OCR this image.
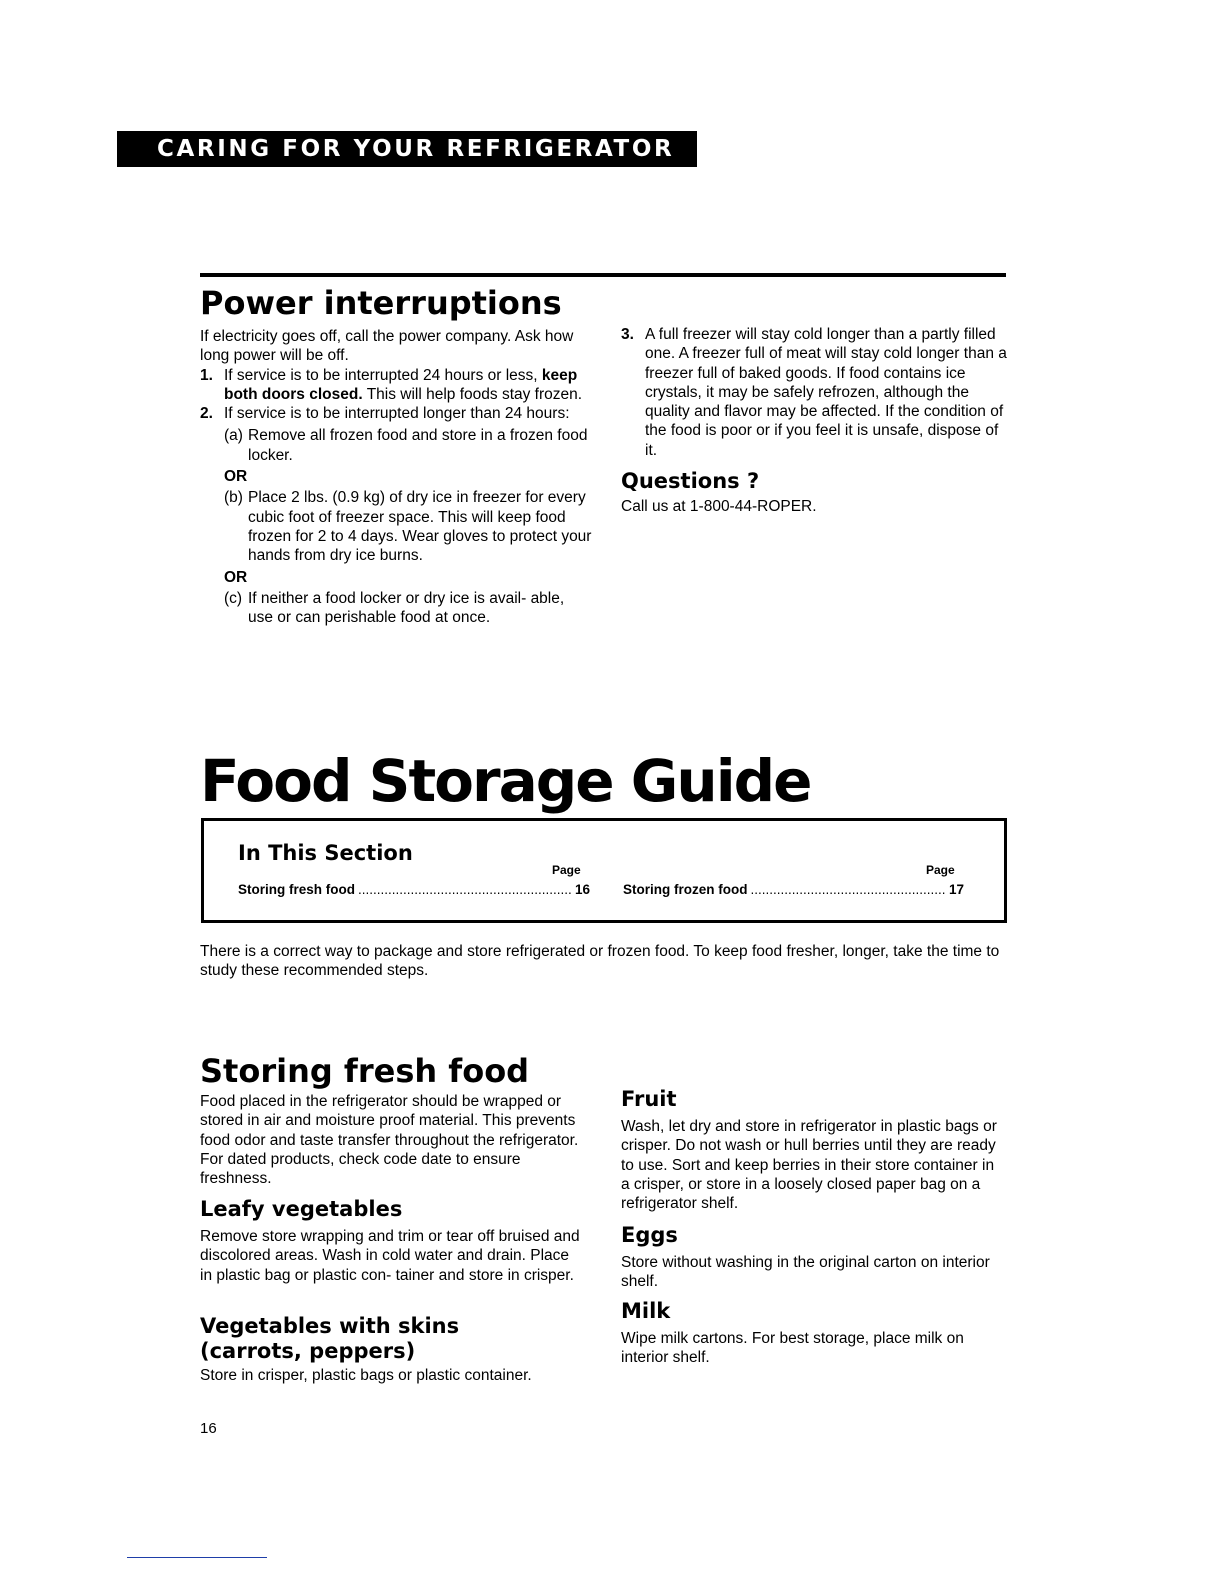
CARING FOR YOUR REFRIGERATOR
Power interruptions

If electricity goes off, call the power company. Ask how long power will be off.

1. If service is to be interrupted 24 hours or less, keep both doors closed. This will help foods stay frozen.
2. If service is to be interrupted longer than 24 hours:
(a) Remove all frozen food and store in a frozen food locker.
OR
(b) Place 2 lbs. (0.9 kg) of dry ice in freezer for every cubic foot of freezer space. This will keep food frozen for 2 to 4 days. Wear gloves to protect your hands from dry ice burns.
OR
(c) If neither a food locker or dry ice is avail- able, use or can perishable food at once.
3. A full freezer will stay cold longer than a partly filled one. A freezer full of meat will stay cold longer than a freezer full of baked goods. If food contains ice crystals, it may be safely refrozen, although the quality and flavor may be affected. If the condition of the food is poor or if you feel it is unsafe, dispose of it.
Questions ?
Call us at 1-800-44-ROPER.
Food Storage Guide
In This Section
Page	Page
Storing fresh food .....	16 Storing frozen food .....	17
There is a correct way to package and store refrigerated or frozen food. To keep food fresher, longer, take the time to study these recommended steps.
Storing fresh food
Food placed in the refrigerator should be wrapped or stored in air and moisture proof material. This prevents food odor and taste transfer throughout the refrigerator. For dated products, check code date to ensure freshness.
Leafy vegetables
Remove store wrapping and trim or tear off bruised and discolored areas. Wash in cold water and drain. Place in plastic bag or plastic con- tainer and store in crisper.
Vegetables with skins (carrots, peppers)
Store in crisper, plastic bags or plastic container.
Fruit
Wash, let dry and store in refrigerator in plastic bags or crisper. Do not wash or hull berries until they are ready to use. Sort and keep berries in their store container in a crisper, or store in a loosely closed paper bag on a refrigerator shelf.
Eggs
Store without washing in the original carton on interior shelf.
Milk
Wipe milk cartons. For best storage, place milk on interior shelf.
16
